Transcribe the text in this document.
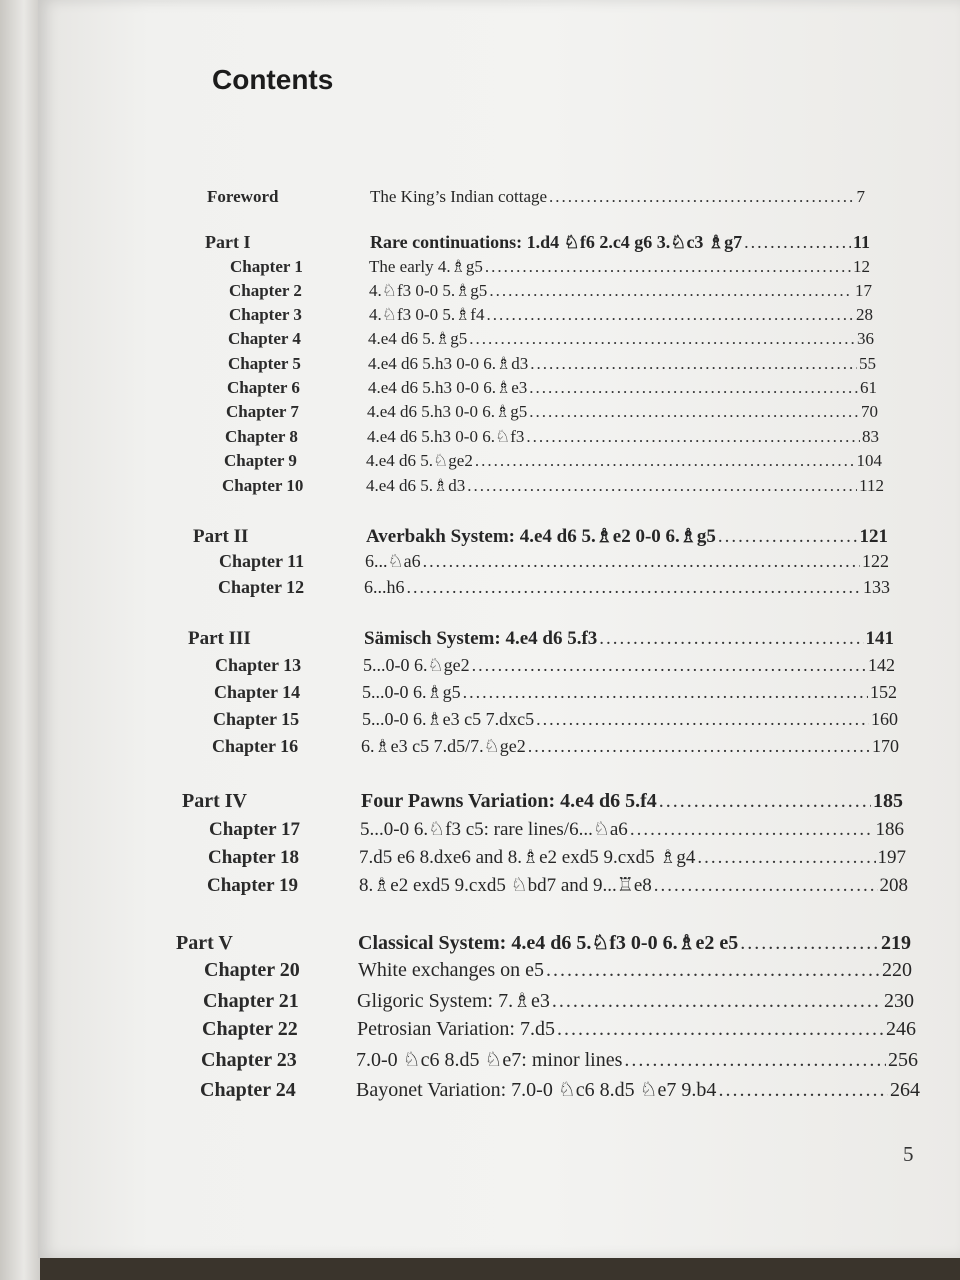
Contents
Foreword	The King’s Indian cottage .....	7
Part I	Rare continuations: 1.d4 ♘f6 2.c4 g6 3.♘c3 ♗g7 .....	11
Chapter 1	The early 4.♗g5 .....	12
Chapter 2	4.♘f3 0-0 5.♗g5 .....	17
Chapter 3	4.♘f3 0-0 5.♗f4 .....	28
Chapter 4	4.e4 d6 5.♗g5 .....	36
Chapter 5	4.e4 d6 5.h3 0-0 6.♗d3 .....	55
Chapter 6	4.e4 d6 5.h3 0-0 6.♗e3 .....	61
Chapter 7	4.e4 d6 5.h3 0-0 6.♗g5 .....	70
Chapter 8	4.e4 d6 5.h3 0-0 6.♘f3 .....	83
Chapter 9	4.e4 d6 5.♘ge2 .....	104
Chapter 10	4.e4 d6 5.♗d3 .....	112
Part II	Averbakh System: 4.e4 d6 5.♗e2 0-0 6.♗g5 .....	121
Chapter 11	6...♘a6 .....	122
Chapter 12	6...h6 .....	133
Part III	Sämisch System: 4.e4 d6 5.f3 .....	141
Chapter 13	5...0-0 6.♘ge2 .....	142
Chapter 14	5...0-0 6.♗g5 .....	152
Chapter 15	5...0-0 6.♗e3 c5 7.dxc5 .....	160
Chapter 16	6.♗e3 c5 7.d5/7.♘ge2 .....	170
Part IV	Four Pawns Variation: 4.e4 d6 5.f4 .....	185
Chapter 17	5...0-0 6.♘f3 c5: rare lines/6...♘a6 .....	186
Chapter 18	7.d5 e6 8.dxe6 and 8.♗e2 exd5 9.cxd5 ♗g4 .....	197
Chapter 19	8.♗e2 exd5 9.cxd5 ♘bd7 and 9...♖e8 .....	208
Part V	Classical System: 4.e4 d6 5.♘f3 0-0 6.♗e2 e5 .....	219
Chapter 20	White exchanges on e5 .....	220
Chapter 21	Gligoric System: 7.♗e3 .....	230
Chapter 22	Petrosian Variation: 7.d5 .....	246
Chapter 23	7.0-0 ♘c6 8.d5 ♘e7: minor lines .....	256
Chapter 24	Bayonet Variation: 7.0-0 ♘c6 8.d5 ♘e7 9.b4 .....	264
5
